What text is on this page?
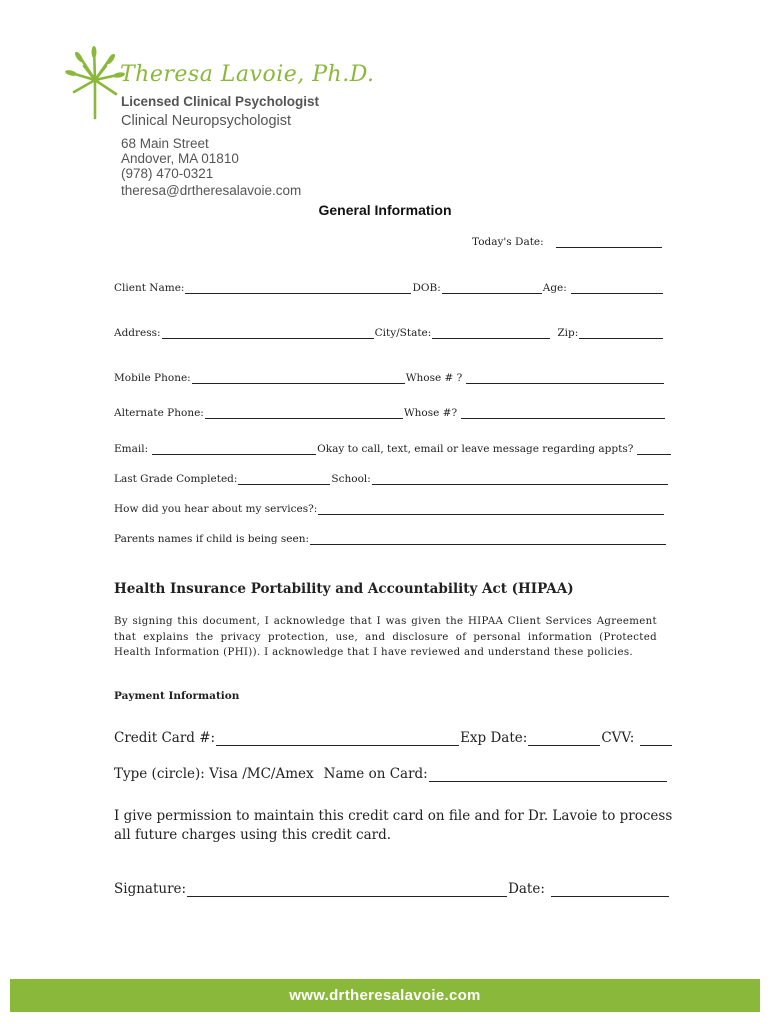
Theresa Lavoie, Ph.D.
Licensed Clinical Psychologist
Clinical Neuropsychologist
68 Main Street
Andover, MA 01810
(978) 470-0321
theresa@drtheresalavoie.com
General Information
Today's Date:
Client Name:	DOB:	Age:
Address:	City/State:	Zip:
Mobile Phone:	Whose # ?
Alternate Phone:	Whose #?
Email:	Okay to call, text, email or leave message regarding appts?
Last Grade Completed:	School:
How did you hear about my services?:
Parents names if child is being seen:
Health Insurance Portability and Accountability Act (HIPAA)
By signing this document, I acknowledge that I was given the HIPAA Client Services Agreement that explains the privacy protection, use, and disclosure of personal information (Protected Health Information (PHI)). I acknowledge that I have reviewed and understand these policies.
Payment Information
Credit Card #:	Exp Date:	CVV:
Type (circle): Visa /MC/Amex Name on Card:
I give permission to maintain this credit card on file and for Dr. Lavoie to process all future charges using this credit card.
Signature:	Date:
www.drtheresalavoie.com
